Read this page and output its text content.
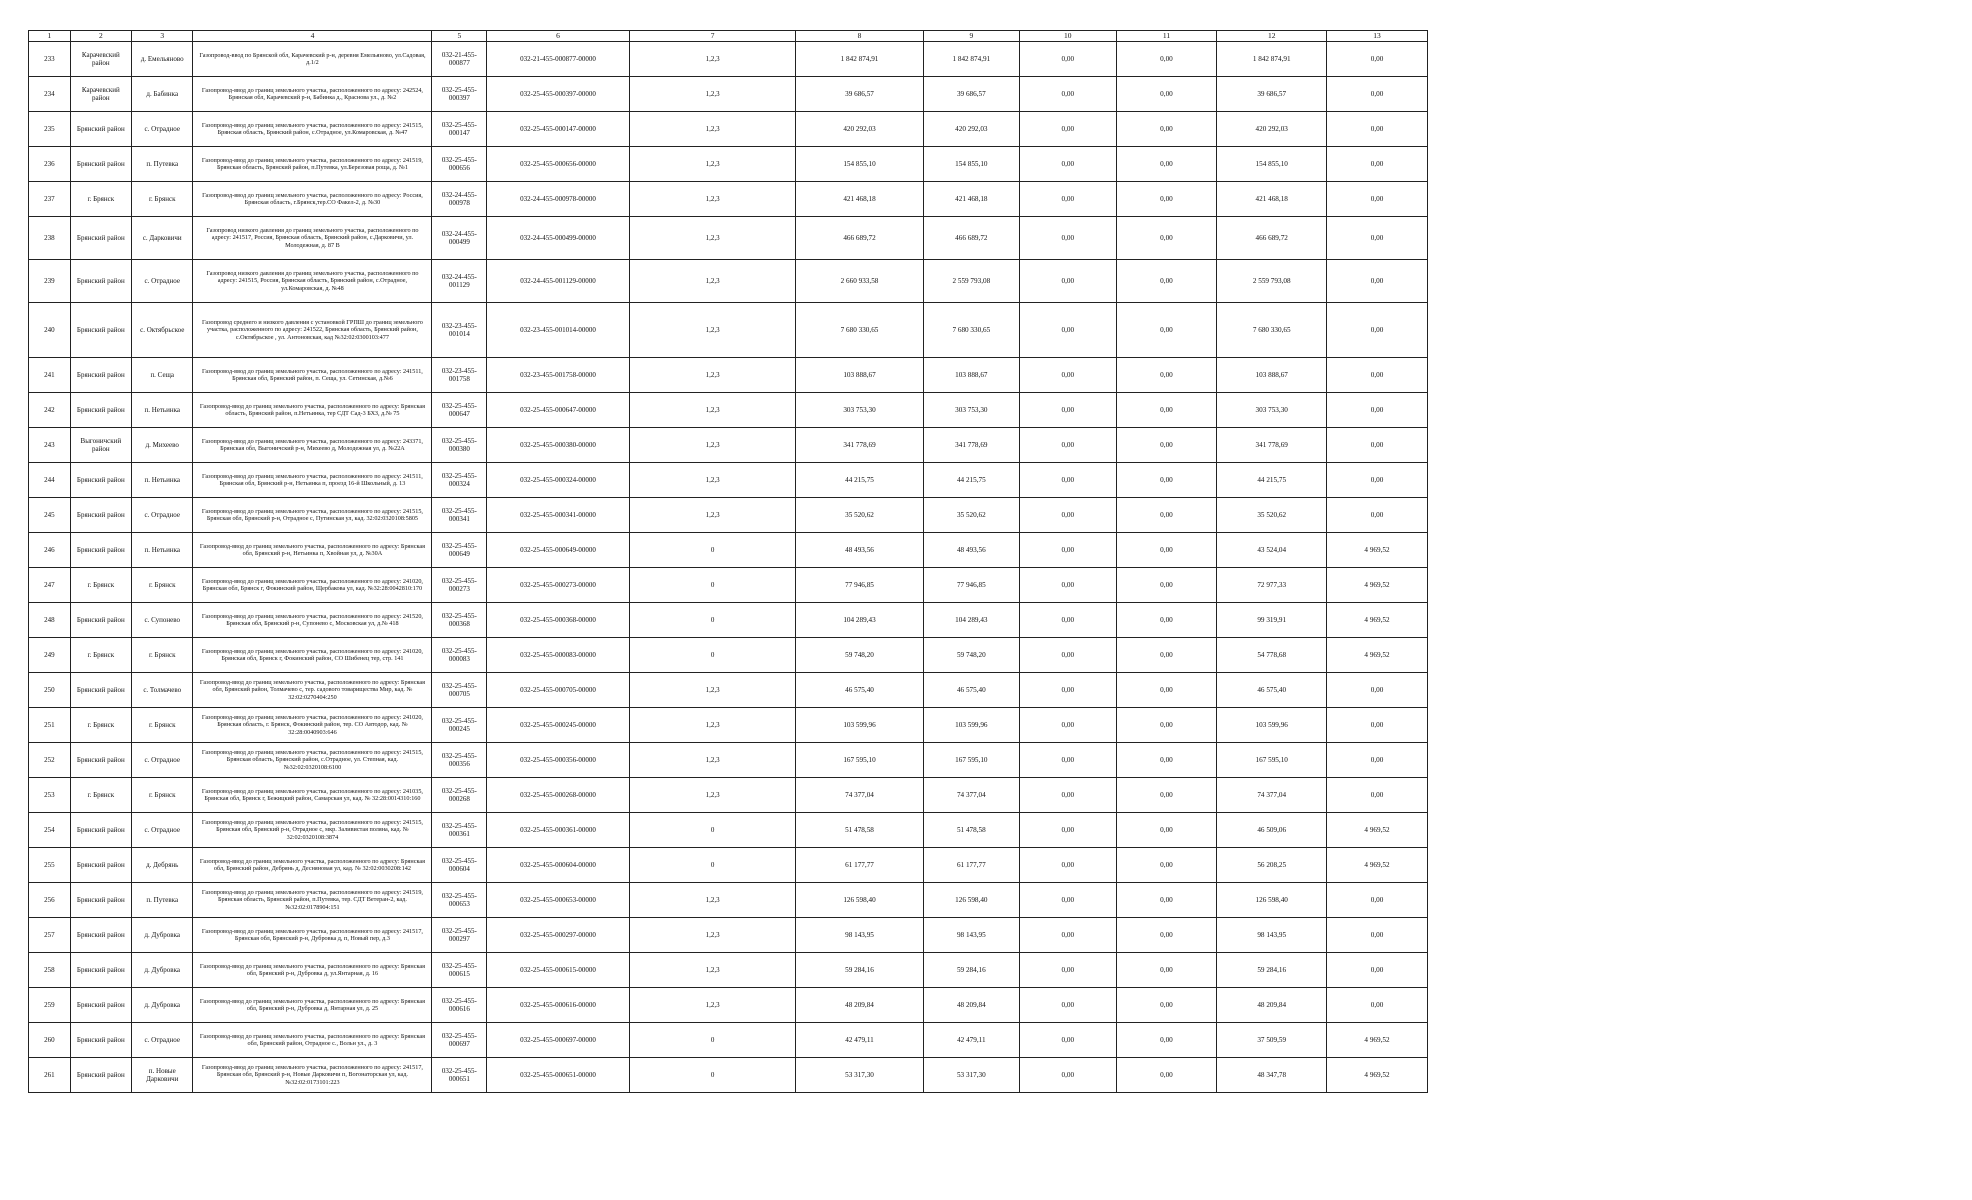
1	2	3	4	5	6	7	8	9	10	11	12	13
233	Карачевский район	д. Емельяново	Газопровод-ввод по Брянской обл, Карачевский р-н, деревня Емельяново, ул.Садовая, д.1/2	032-21-455-000877	032-21-455-000877-00000	1,2,3	1 842 874,91	1 842 874,91	0,00	0,00	1 842 874,91	0,00
234	Карачевский район	д. Бабинка	Газопровод-ввод до границ земельного участка, расположенного по адресу: 242524, Брянская обл, Карачевский р-н, Бабинка д., Краснова ул., д. №2	032-25-455-000397	032-25-455-000397-00000	1,2,3	39 686,57	39 686,57	0,00	0,00	39 686,57	0,00
235	Брянский район	с. Отрадное	Газопровод-ввод до границ земельного участка, расположенного по адресу: 241515, Брянская область, Брянский район, с.Отрадное, ул.Комаровская, д. №47	032-25-455-000147	032-25-455-000147-00000	1,2,3	420 292,03	420 292,03	0,00	0,00	420 292,03	0,00
236	Брянский район	п. Путевка	Газопровод-ввод до границ земельного участка, расположенного по адресу: 241519, Брянская область, Брянский район, п.Путевка, ул.Березовая роща, д. №1	032-25-455-000656	032-25-455-000656-00000	1,2,3	154 855,10	154 855,10	0,00	0,00	154 855,10	0,00
237	г. Брянск	г. Брянск	Газопровод-ввод до границ земельного участка, расположенного по адресу: Россия, Брянская область, г.Брянск,тер.СО Факел-2, д. №30	032-24-455-000978	032-24-455-000978-00000	1,2,3	421 468,18	421 468,18	0,00	0,00	421 468,18	0,00
238	Брянский район	с. Дарковичи	Газопровод низкого давления до границ земельного участка, расположенного по адресу: 241517, Россия, Брянская область, Брянский район, с.Дарковичи, ул. Молодежная, д. 87 В	032-24-455-000499	032-24-455-000499-00000	1,2,3	466 689,72	466 689,72	0,00	0,00	466 689,72	0,00
239	Брянский район	с. Отрадное	Газопровод низкого давления до границ земельного участка, расположенного по адресу: 241515, Россия, Брянская область, Брянский район, с.Отрадное, ул.Комаровская, д. №48	032-24-455-001129	032-24-455-001129-00000	1,2,3	2 660 933,58	2 559 793,08	0,00	0,00	2 559 793,08	0,00
240	Брянский район	с. Октябрьское	Газопровод среднего и низкого давления с установкой ГРПШ до границ земельного участка, расположенного по адресу: 241522, Брянская область, Брянский район, с.Октябрьское , ул. Антоновская, кад №32:02:0300103:477	032-23-455-001014	032-23-455-001014-00000	1,2,3	7 680 330,65	7 680 330,65	0,00	0,00	7 680 330,65	0,00
241	Брянский район	п. Сеща	Газопровод-ввод до границ земельного участка, расположенного по адресу: 241511, Брянская обл, Брянский район, п. Сеща, ул. Сетинская, д.№6	032-23-455-001758	032-23-455-001758-00000	1,2,3	103 888,67	103 888,67	0,00	0,00	103 888,67	0,00
242	Брянский район	п. Нетьинка	Газопровод-ввод до границ земельного участка, расположенного по адресу: Брянская область, Брянский район, п.Нетьинка, тер СДТ Сад-3 БХЗ, д.№ 75	032-25-455-000647	032-25-455-000647-00000	1,2,3	303 753,30	303 753,30	0,00	0,00	303 753,30	0,00
243	Выгоничский район	д. Михеево	Газопровод-ввод до границ земельного участка, расположенного по адресу: 243371, Брянская обл, Выгоничский р-н, Михеево д, Молодежная ул, д. №22А	032-25-455-000380	032-25-455-000380-00000	1,2,3	341 778,69	341 778,69	0,00	0,00	341 778,69	0,00
244	Брянский район	п. Нетьинка	Газопровод-ввод до границ земельного участка, расположенного по адресу: 241511, Брянская обл, Брянский р-н, Нетьинка п, проезд 16-й Школьный, д. 13	032-25-455-000324	032-25-455-000324-00000	1,2,3	44 215,75	44 215,75	0,00	0,00	44 215,75	0,00
245	Брянский район	с. Отрадное	Газопровод-ввод до границ земельного участка, расположенного по адресу: 241515, Брянская обл, Брянский р-н, Отрадное с, Путинская ул, кад. 32:02:0320108:5805	032-25-455-000341	032-25-455-000341-00000	1,2,3	35 520,62	35 520,62	0,00	0,00	35 520,62	0,00
246	Брянский район	п. Нетьинка	Газопровод-ввод до границ земельного участка, расположенного по адресу: Брянская обл, Брянский р-н, Нетьинка п, Хвойная ул, д. №30А	032-25-455-000649	032-25-455-000649-00000	0	48 493,56	48 493,56	0,00	0,00	43 524,04	4 969,52
247	г. Брянск	г. Брянск	Газопровод-ввод до границ земельного участка, расположенного по адресу: 241020, Брянская обл, Брянск г, Фокинский район, Щербакова ул, кад. №32:28:0042810:170	032-25-455-000273	032-25-455-000273-00000	0	77 946,85	77 946,85	0,00	0,00	72 977,33	4 969,52
248	Брянский район	с. Супонево	Газопровод-ввод до границ земельного участка, расположенного по адресу: 241520, Брянская обл, Брянский р-н, Супонево с, Московская ул, д.№ 418	032-25-455-000368	032-25-455-000368-00000	0	104 289,43	104 289,43	0,00	0,00	99 319,91	4 969,52
249	г. Брянск	г. Брянск	Газопровод-ввод до границ земельного участка, расположенного по адресу: 241020, Брянская обл, Брянск г, Фокинский район, СО Шибенец тер, стр. 141	032-25-455-000083	032-25-455-000083-00000	0	59 748,20	59 748,20	0,00	0,00	54 778,68	4 969,52
250	Брянский район	с. Толмачево	Газопровод-ввод до границ земельного участка, расположенного по адресу: Брянская обл, Брянский район, Толмачево с, тер. садового товарищества Мир, кад. № 32:02:0270404:250	032-25-455-000705	032-25-455-000705-00000	1,2,3	46 575,40	46 575,40	0,00	0,00	46 575,40	0,00
251	г. Брянск	г. Брянск	Газопровод-ввод до границ земельного участка, расположенного по адресу: 241020, Брянская область, г. Брянск, Фокинский район, тер. СО Автодор, кад. № 32:28:0040903:646	032-25-455-000245	032-25-455-000245-00000	1,2,3	103 599,96	103 599,96	0,00	0,00	103 599,96	0,00
252	Брянский район	с. Отрадное	Газопровод-ввод до границ земельного участка, расположенного по адресу: 241515, Брянская область, Брянский район, с.Отрадное, ул. Степная, кад. №32:02:0320108:6100	032-25-455-000356	032-25-455-000356-00000	1,2,3	167 595,10	167 595,10	0,00	0,00	167 595,10	0,00
253	г. Брянск	г. Брянск	Газопровод-ввод до границ земельного участка, расположенного по адресу: 241035, Брянская обл, Брянск г, Бежицкий район, Самарская ул, кад. № 32:28:0014310:160	032-25-455-000268	032-25-455-000268-00000	1,2,3	74 377,04	74 377,04	0,00	0,00	74 377,04	0,00
254	Брянский район	с. Отрадное	Газопровод-ввод до границ земельного участка, расположенного по адресу: 241515, Брянская обл, Брянский р-н, Отрадное с, мкр. Заливистая поляна, кад. № 32:02:0320108:3874	032-25-455-000361	032-25-455-000361-00000	0	51 478,58	51 478,58	0,00	0,00	46 509,06	4 969,52
255	Брянский район	д. Дебрянь	Газопровод-ввод до границ земельного участка, расположенного по адресу: Брянская обл, Брянский район, Дебрянь д, Десняновая ул, кад. № 32:02:0030208:142	032-25-455-000604	032-25-455-000604-00000	0	61 177,77	61 177,77	0,00	0,00	56 208,25	4 969,52
256	Брянский район	п. Путевка	Газопровод-ввод до границ земельного участка, расположенного по адресу: 241519, Брянская область, Брянский район, п.Путевка, тер. СДТ Ветеран-2, кад. №32:02:0178904:151	032-25-455-000653	032-25-455-000653-00000	1,2,3	126 598,40	126 598,40	0,00	0,00	126 598,40	0,00
257	Брянский район	д. Дубровка	Газопровод-ввод до границ земельного участка, расположенного по адресу: 241517, Брянская обл, Брянский р-н, Дубровка д, п, Новый пер, д.3	032-25-455-000297	032-25-455-000297-00000	1,2,3	98 143,95	98 143,95	0,00	0,00	98 143,95	0,00
258	Брянский район	д. Дубровка	Газопровод-ввод до границ земельного участка, расположенного по адресу: Брянская обл, Брянский р-н, Дубровка д, ул.Янтарная, д. 16	032-25-455-000615	032-25-455-000615-00000	1,2,3	59 284,16	59 284,16	0,00	0,00	59 284,16	0,00
259	Брянский район	д. Дубровка	Газопровод-ввод до границ земельного участка, расположенного по адресу: Брянская обл, Брянский р-н, Дубровка д, Янтарная ул, д. 25	032-25-455-000616	032-25-455-000616-00000	1,2,3	48 209,84	48 209,84	0,00	0,00	48 209,84	0,00
260	Брянский район	с. Отрадное	Газопровод-ввод до границ земельного участка, расположенного по адресу: Брянская обл, Брянский район, Отрадное с., Вольн ул., д. 3	032-25-455-000697	032-25-455-000697-00000	0	42 479,11	42 479,11	0,00	0,00	37 509,59	4 969,52
261	Брянский район	п. Новые Дарковичи	Газопровод-ввод до границ земельного участка, расположенного по адресу: 241517, Брянская обл, Брянский р-н, Новые Дарковичи п, Вогонаторская ул, кад. №32:02:0173101:223	032-25-455-000651	032-25-455-000651-00000	0	53 317,30	53 317,30	0,00	0,00	48 347,78	4 969,52
